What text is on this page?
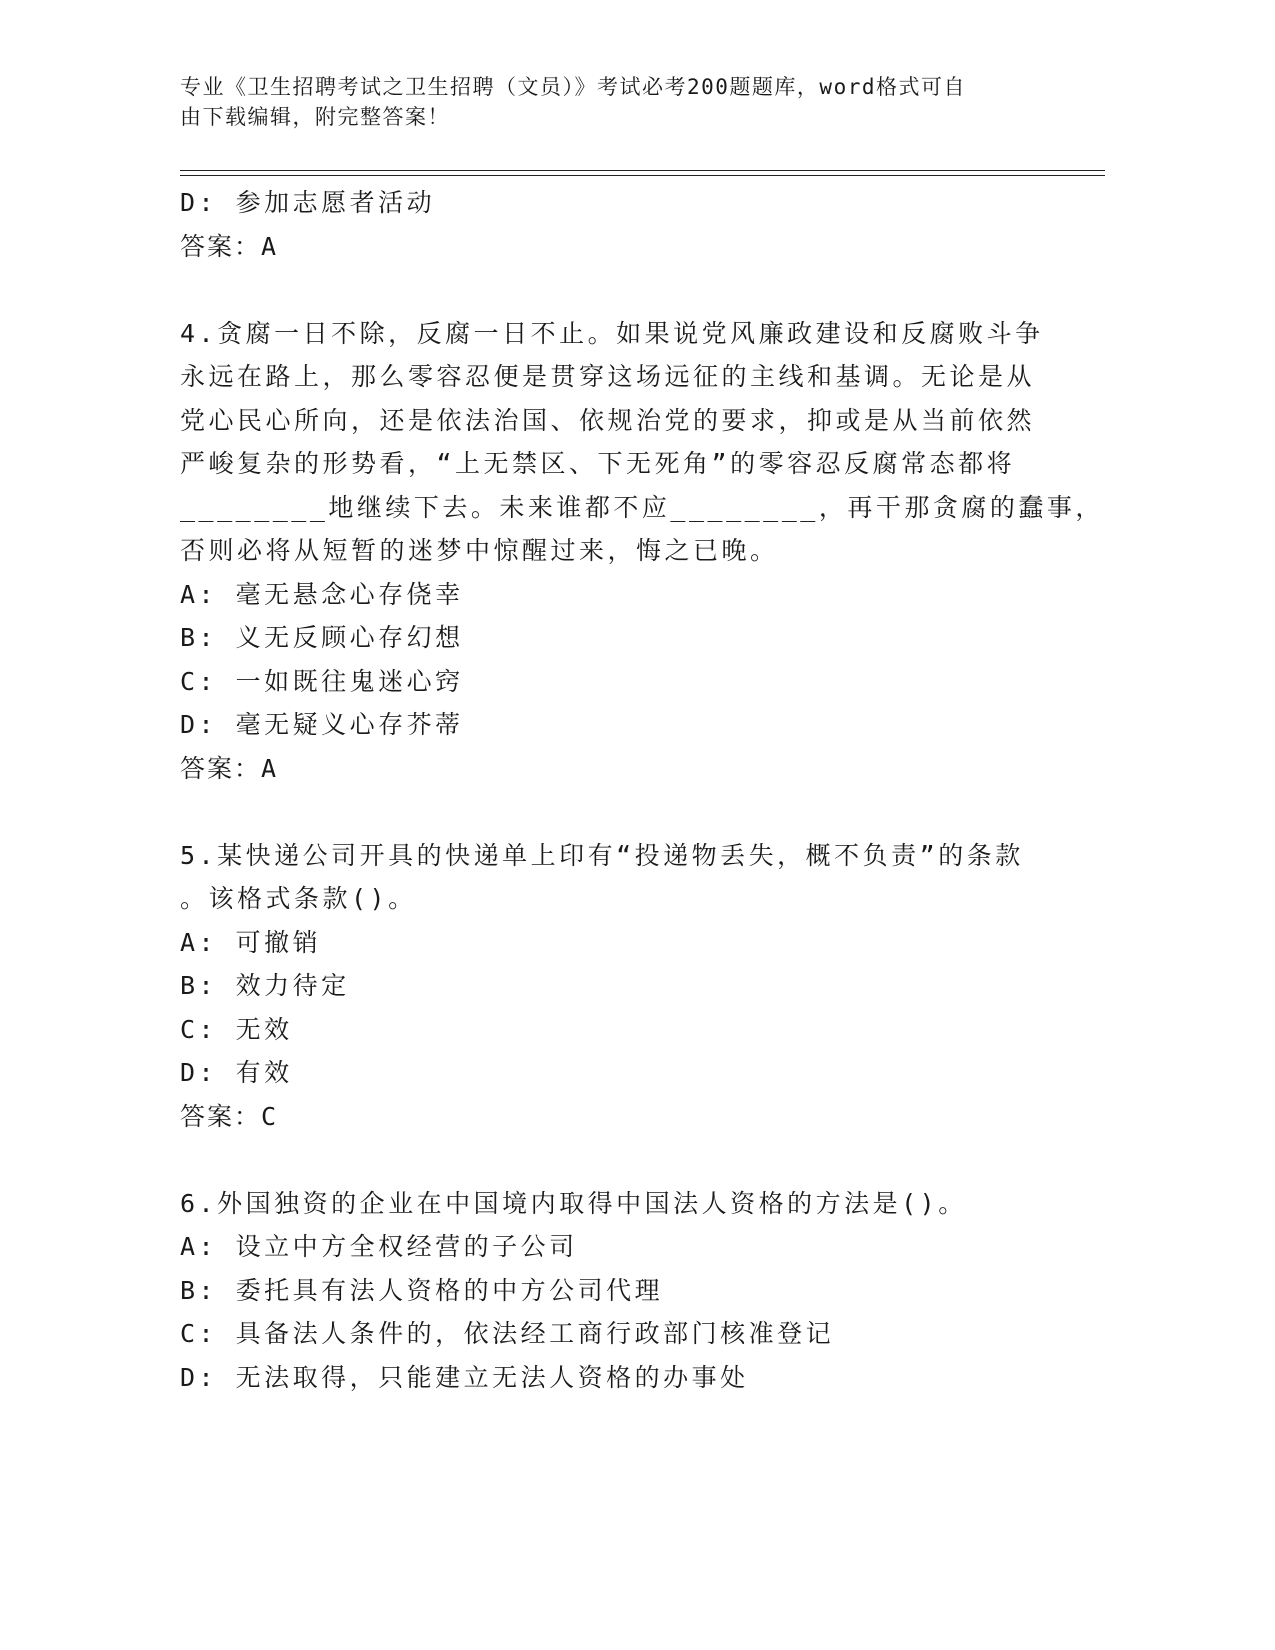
专业《卫生招聘考试之卫生招聘（文员）》考试必考200题题库，word格式可自
由下载编辑，附完整答案！
D: 参加志愿者活动
答案：A
4.贪腐一日不除，反腐一日不止。如果说党风廉政建设和反腐败斗争
永远在路上，那么零容忍便是贯穿这场远征的主线和基调。无论是从
党心民心所向，还是依法治国、依规治党的要求，抑或是从当前依然
严峻复杂的形势看，“上无禁区、下无死角”的零容忍反腐常态都将
________地继续下去。未来谁都不应________，再干那贪腐的蠢事，
否则必将从短暂的迷梦中惊醒过来，悔之已晚。
A: 毫无悬念心存侥幸
B: 义无反顾心存幻想
C: 一如既往鬼迷心窍
D: 毫无疑义心存芥蒂
答案：A
5.某快递公司开具的快递单上印有“投递物丢失，概不负责”的条款
。该格式条款()。
A: 可撤销
B: 效力待定
C: 无效
D: 有效
答案：C
6.外国独资的企业在中国境内取得中国法人资格的方法是()。
A: 设立中方全权经营的子公司
B: 委托具有法人资格的中方公司代理
C: 具备法人条件的，依法经工商行政部门核准登记
D: 无法取得，只能建立无法人资格的办事处
